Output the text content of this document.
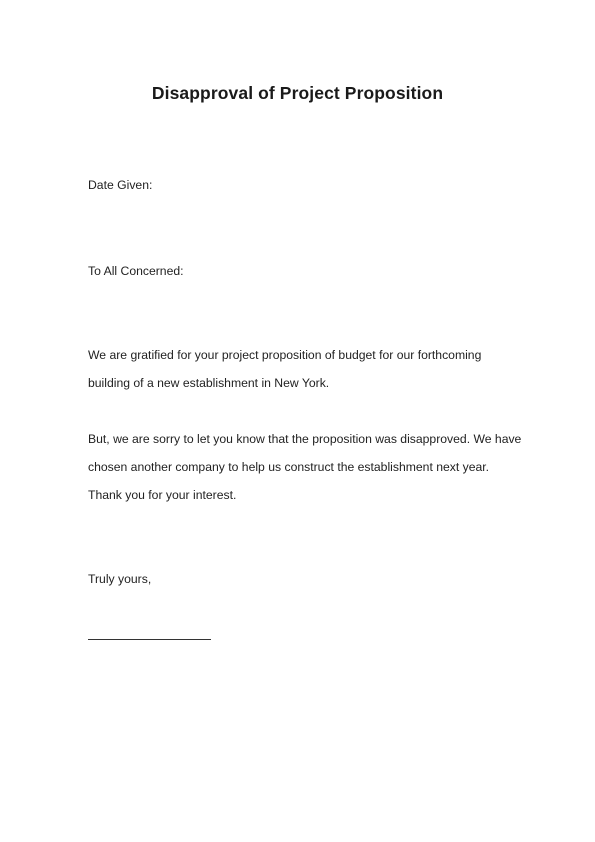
Disapproval of Project Proposition
Date Given:
To All Concerned:
We are gratified for your project proposition of budget for our forthcoming
building of a new establishment in New York.
But, we are sorry to let you know that the proposition was disapproved. We have
chosen another company to help us construct the establishment next year.
Thank you for your interest.
Truly yours,
